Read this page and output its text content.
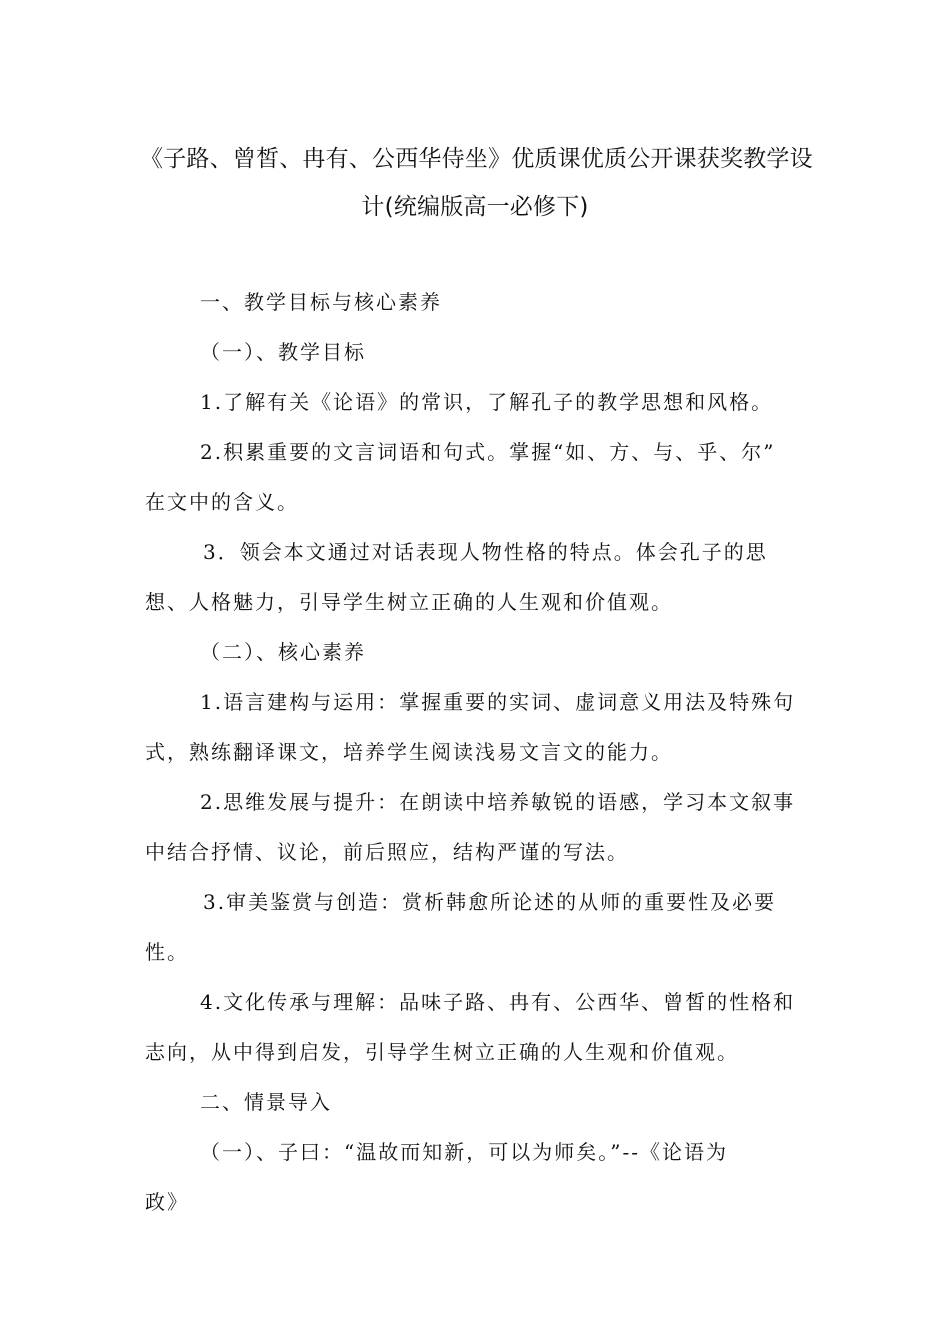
《子路、曾皙、冉有、公西华侍坐》优质课优质公开课获奖教学设
计(统编版高一必修下)

一、教学目标与核心素养

（一）、教学目标

1.了解有关《论语》的常识，了解孔子的教学思想和风格。

2.积累重要的文言词语和句式。掌握“如、方、与、乎、尔”

在文中的含义。

3．领会本文通过对话表现人物性格的特点。体会孔子的思

想、人格魅力，引导学生树立正确的人生观和价值观。

（二）、核心素养

1.语言建构与运用：掌握重要的实词、虚词意义用法及特殊句

式，熟练翻译课文，培养学生阅读浅易文言文的能力。

2.思维发展与提升：在朗读中培养敏锐的语感，学习本文叙事

中结合抒情、议论，前后照应，结构严谨的写法。

3.审美鉴赏与创造：赏析韩愈所论述的从师的重要性及必要

性。

4.文化传承与理解：品味子路、冉有、公西华、曾皙的性格和

志向，从中得到启发，引导学生树立正确的人生观和价值观。

二、情景导入

（一）、子曰：“温故而知新，可以为师矣。”--《论语为

政》
